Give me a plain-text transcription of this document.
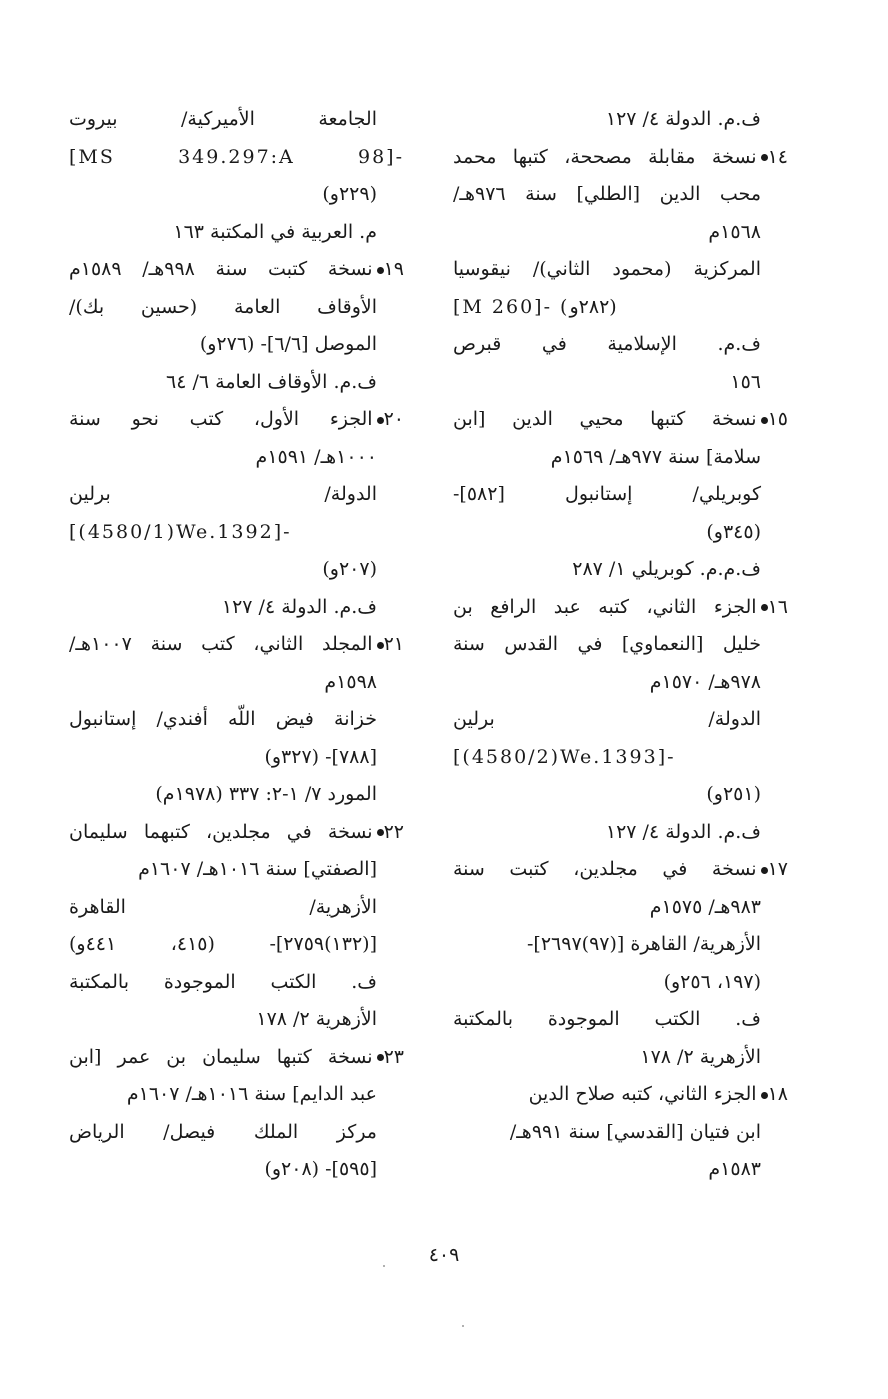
ف.م. الدولة ٤/ ١٢٧
١٤نسخة مقابلة مصححة، كتبها محمد
محب الدين [الطلي] سنة ٩٧٦هـ/
١٥٦٨م
المركزية (محمود الثاني)/ نيقوسيا
[M 260]- (٢٨٢و)
ف.م. الإسلامية في قبرص
١٥٦
١٥نسخة كتبها محيي الدين [ابن
سلامة] سنة ٩٧٧هـ/ ١٥٦٩م
كوبريلي/ إستانبول [٥٨٢]-
(٣٤٥و)
ف.م.م. كوبريلي ١/ ٢٨٧
١٦الجزء الثاني، كتبه عبد الرافع بن
خليل [النعماوي] في القدس سنة
٩٧٨هـ/ ١٥٧٠م
الدولة/ برلين
[(4580/2)We.1393]-
(٢٥١و)
ف.م. الدولة ٤/ ١٢٧
١٧نسخة في مجلدين، كتبت سنة
٩٨٣هـ/ ١٥٧٥م
الأزهرية/ القاهرة [(٩٧)٢٦٩٧]-
(١٩٧، ٢٥٦و)
ف. الكتب الموجودة بالمكتبة
الأزهرية ٢/ ١٧٨
١٨الجزء الثاني، كتبه صلاح الدين
ابن فتيان [القدسي] سنة ٩٩١هـ/
١٥٨٣م
الجامعة الأميركية/ بيروت
[MS 349.297:A 98]-
(٢٢٩و)
م. العربية في المكتبة ١٦٣
١٩نسخة كتبت سنة ٩٩٨هـ/ ١٥٨٩م
الأوقاف العامة (حسين بك)/
الموصل [٦/٦]- (٢٧٦و)
ف.م. الأوقاف العامة ٦/ ٦٤
٢٠الجزء الأول، كتب نحو سنة
١٠٠٠هـ/ ١٥٩١م
الدولة/ برلين
[(4580/1)We.1392]-
(٢٠٧و)
ف.م. الدولة ٤/ ١٢٧
٢١المجلد الثاني، كتب سنة ١٠٠٧هـ/
١٥٩٨م
خزانة فيض اللّه أفندي/ إستانبول
[٧٨٨]- (٣٢٧و)
المورد ٧/ ١-٢: ٣٣٧ (١٩٧٨م)
٢٢نسخة في مجلدين، كتبهما سليمان
[الصفتي] سنة ١٠١٦هـ/ ١٦٠٧م
الأزهرية/ القاهرة
[(١٣٢)٢٧٥٩]- (٤١٥، ٤٤١و)
ف. الكتب الموجودة بالمكتبة
الأزهرية ٢/ ١٧٨
٢٣نسخة كتبها سليمان بن عمر [ابن
عبد الدايم] سنة ١٠١٦هـ/ ١٦٠٧م
مركز الملك فيصل/ الرياض
[٥٩٥]- (٢٠٨و)
٤٠٩
